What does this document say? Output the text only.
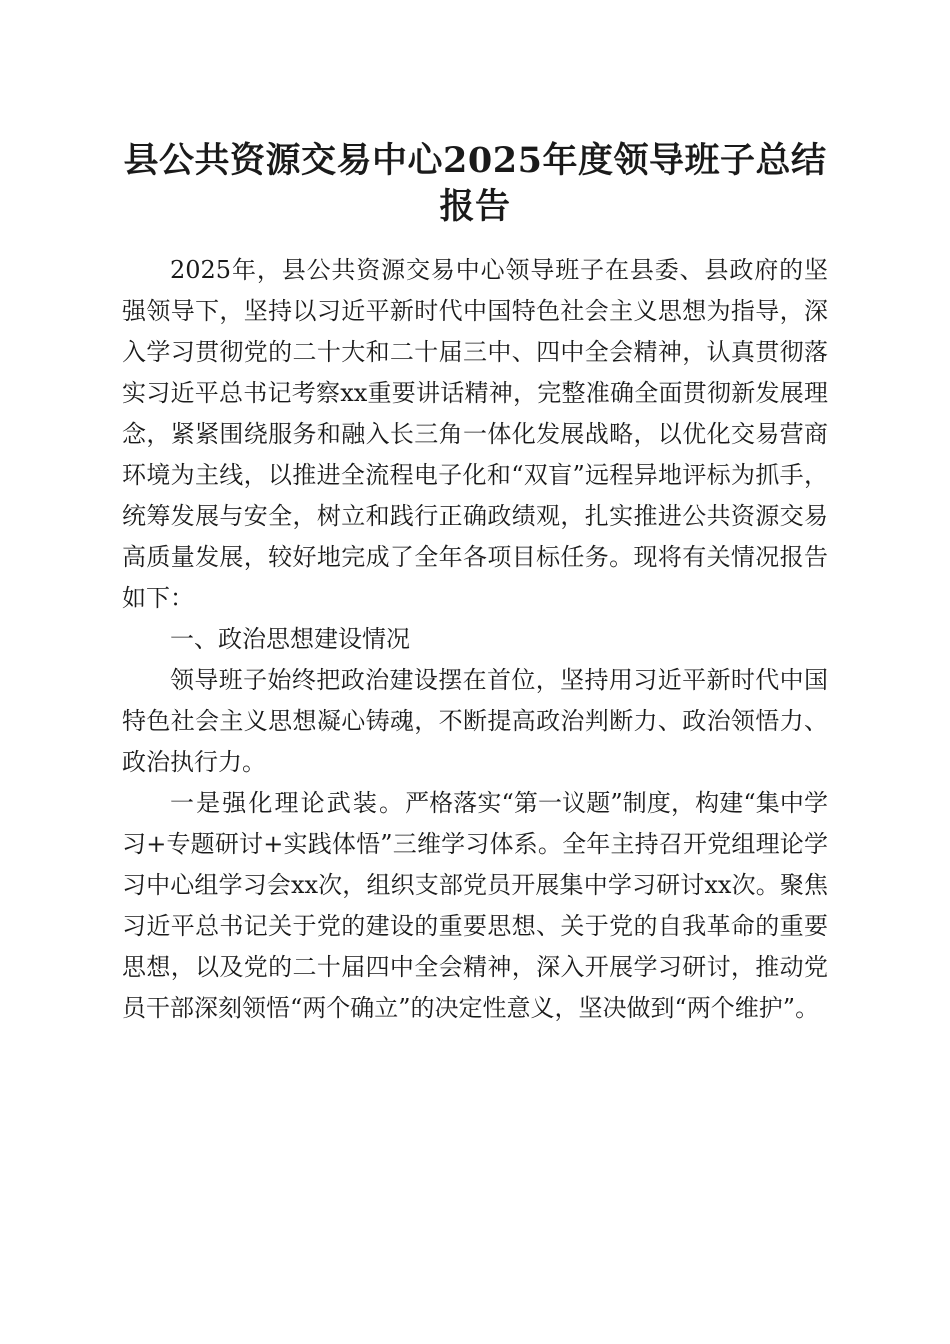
县公共资源交易中心2025年度领导班子总结报告

2025年，县公共资源交易中心领导班子在县委、县政府的坚强领导下，坚持以习近平新时代中国特色社会主义思想为指导，深入学习贯彻党的二十大和二十届三中、四中全会精神，认真贯彻落实习近平总书记考察xx重要讲话精神，完整准确全面贯彻新发展理念，紧紧围绕服务和融入长三角一体化发展战略，以优化交易营商环境为主线，以推进全流程电子化和“双盲”远程异地评标为抓手，统筹发展与安全，树立和践行正确政绩观，扎实推进公共资源交易高质量发展，较好地完成了全年各项目标任务。现将有关情况报告如下：

一、政治思想建设情况

领导班子始终把政治建设摆在首位，坚持用习近平新时代中国特色社会主义思想凝心铸魂，不断提高政治判断力、政治领悟力、政治执行力。

一是强化理论武装。严格落实“第一议题”制度，构建“集中学习+专题研讨+实践体悟”三维学习体系。全年主持召开党组理论学习中心组学习会xx次，组织支部党员开展集中学习研讨xx次。聚焦习近平总书记关于党的建设的重要思想、关于党的自我革命的重要思想，以及党的二十届四中全会精神，深入开展学习研讨，推动党员干部深刻领悟“两个确立”的决定性意义，坚决做到“两个维护”。
